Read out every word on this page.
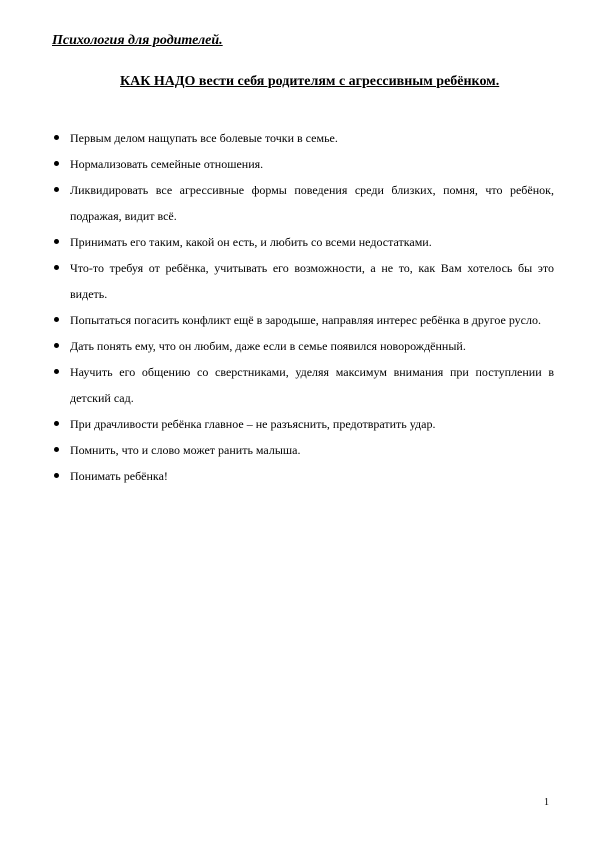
Психология для родителей.
КАК НАДО вести себя родителям с агрессивным ребёнком.
Первым делом нащупать все болевые точки в семье.
Нормализовать семейные отношения.
Ликвидировать все агрессивные формы поведения среди близких, помня, что ребёнок, подражая, видит всё.
Принимать его таким, какой он есть, и любить со всеми недостатками.
Что-то требуя от ребёнка, учитывать его возможности, а не то, как Вам хотелось бы это видеть.
Попытаться погасить конфликт ещё в зародыше, направляя интерес ребёнка в другое русло.
Дать понять ему, что он любим, даже если в семье появился новорождённый.
Научить его общению со сверстниками, уделяя максимум внимания при поступлении в детский сад.
При драчливости ребёнка главное – не разъяснить, предотвратить удар.
Помнить, что и слово может ранить малыша.
Понимать ребёнка!
1
